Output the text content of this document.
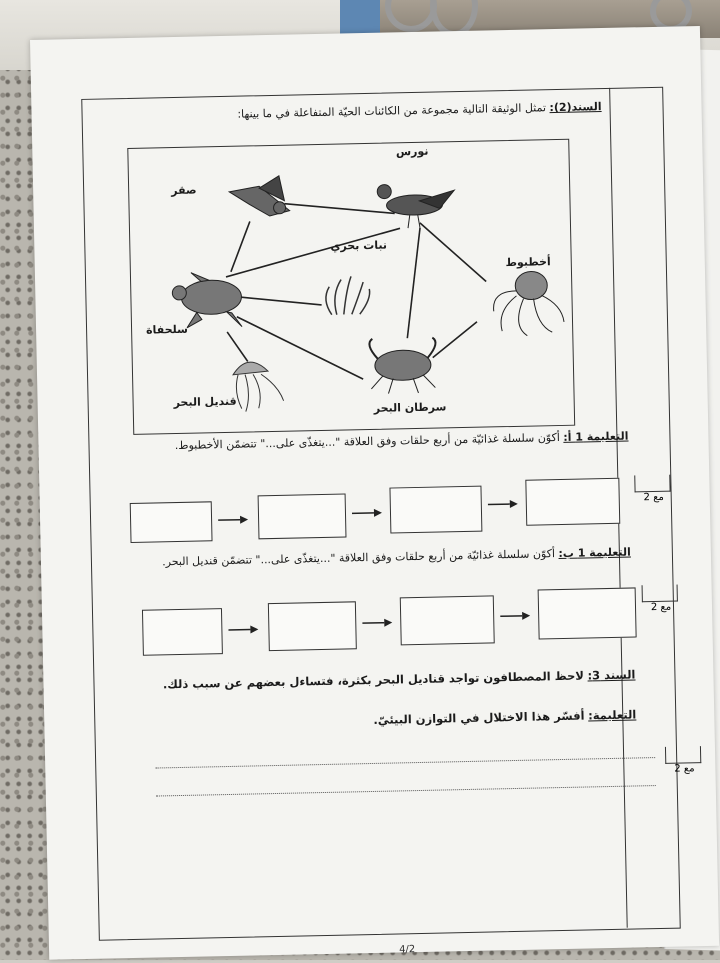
السند(2): تمثل الوثيقة التالية مجموعة من الكائنات الحيّة المتفاعلة في ما بينها:
نورس
صقر
نبات بحري
أخطبوط
سلحفاة
قنديل البحر	سرطان البحر
التعليمة 1 أ: أكوّن سلسلة غذائيّة من أربع حلقات وفق العلاقة "...يتغذّى على..." تتضمّن الأخطبوط.
مع 2
التعليمة 1 ب: أكوّن سلسلة غذائيّة من أربع حلقات وفق العلاقة "...يتغذّى على..." تتضمّن قنديل البحر.
مع 2
السند 3: لاحظ المصطافون تواجد قناديل البحر بكثرة، فتساءل بعضهم عن سبب ذلك.
التعليمة: أفسّر هذا الاختلال في التوازن البيئيّ.
مع 2
4/2
